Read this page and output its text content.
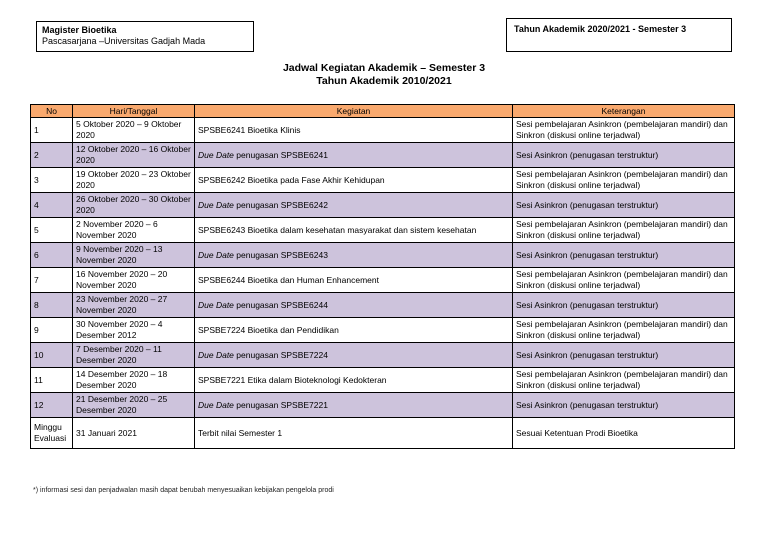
Magister Bioetika
Pascasarjana –Universitas Gadjah Mada
Tahun Akademik 2020/2021 - Semester 3
Jadwal Kegiatan Akademik – Semester 3
Tahun Akademik 2010/2021
No	Hari/Tanggal	Kegiatan	Keterangan
1	5 Oktober 2020 – 9 Oktober 2020	SPSBE6241 Bioetika Klinis	Sesi pembelajaran Asinkron (pembelajaran mandiri) dan Sinkron (diskusi online terjadwal)
2	12 Oktober 2020 – 16 Oktober 2020	Due Date penugasan SPSBE6241	Sesi Asinkron (penugasan terstruktur)
3	19 Oktober 2020 – 23 Oktober 2020	SPSBE6242 Bioetika pada Fase Akhir Kehidupan	Sesi pembelajaran Asinkron (pembelajaran mandiri) dan Sinkron (diskusi online terjadwal)
4	26 Oktober 2020 – 30 Oktober 2020	Due Date penugasan SPSBE6242	Sesi Asinkron (penugasan terstruktur)
5	2 November 2020 – 6 November 2020	SPSBE6243 Bioetika dalam kesehatan masyarakat dan sistem kesehatan	Sesi pembelajaran Asinkron (pembelajaran mandiri) dan Sinkron (diskusi online terjadwal)
6	9 November 2020 – 13 November 2020	Due Date penugasan SPSBE6243	Sesi Asinkron (penugasan terstruktur)
7	16 November 2020 – 20 November 2020	SPSBE6244 Bioetika dan Human Enhancement	Sesi pembelajaran Asinkron (pembelajaran mandiri) dan Sinkron (diskusi online terjadwal)
8	23 November 2020 – 27 November 2020	Due Date penugasan SPSBE6244	Sesi Asinkron (penugasan terstruktur)
9	30 November 2020 – 4 Desember 2012	SPSBE7224 Bioetika dan Pendidikan	Sesi pembelajaran Asinkron (pembelajaran mandiri) dan Sinkron (diskusi online terjadwal)
10	7 Desember 2020 – 11 Desember 2020	Due Date penugasan SPSBE7224	Sesi Asinkron (penugasan terstruktur)
11	14 Desember 2020 – 18 Desember 2020	SPSBE7221 Etika dalam Bioteknologi Kedokteran	Sesi pembelajaran Asinkron (pembelajaran mandiri) dan Sinkron (diskusi online terjadwal)
12	21 Desember 2020 – 25 Desember 2020	Due Date penugasan SPSBE7221	Sesi Asinkron (penugasan terstruktur)
Minggu Evaluasi	31 Januari 2021	Terbit nilai Semester 1	Sesuai Ketentuan Prodi Bioetika
*) informasi sesi dan penjadwalan masih dapat berubah menyesuaikan kebijakan pengelola prodi
